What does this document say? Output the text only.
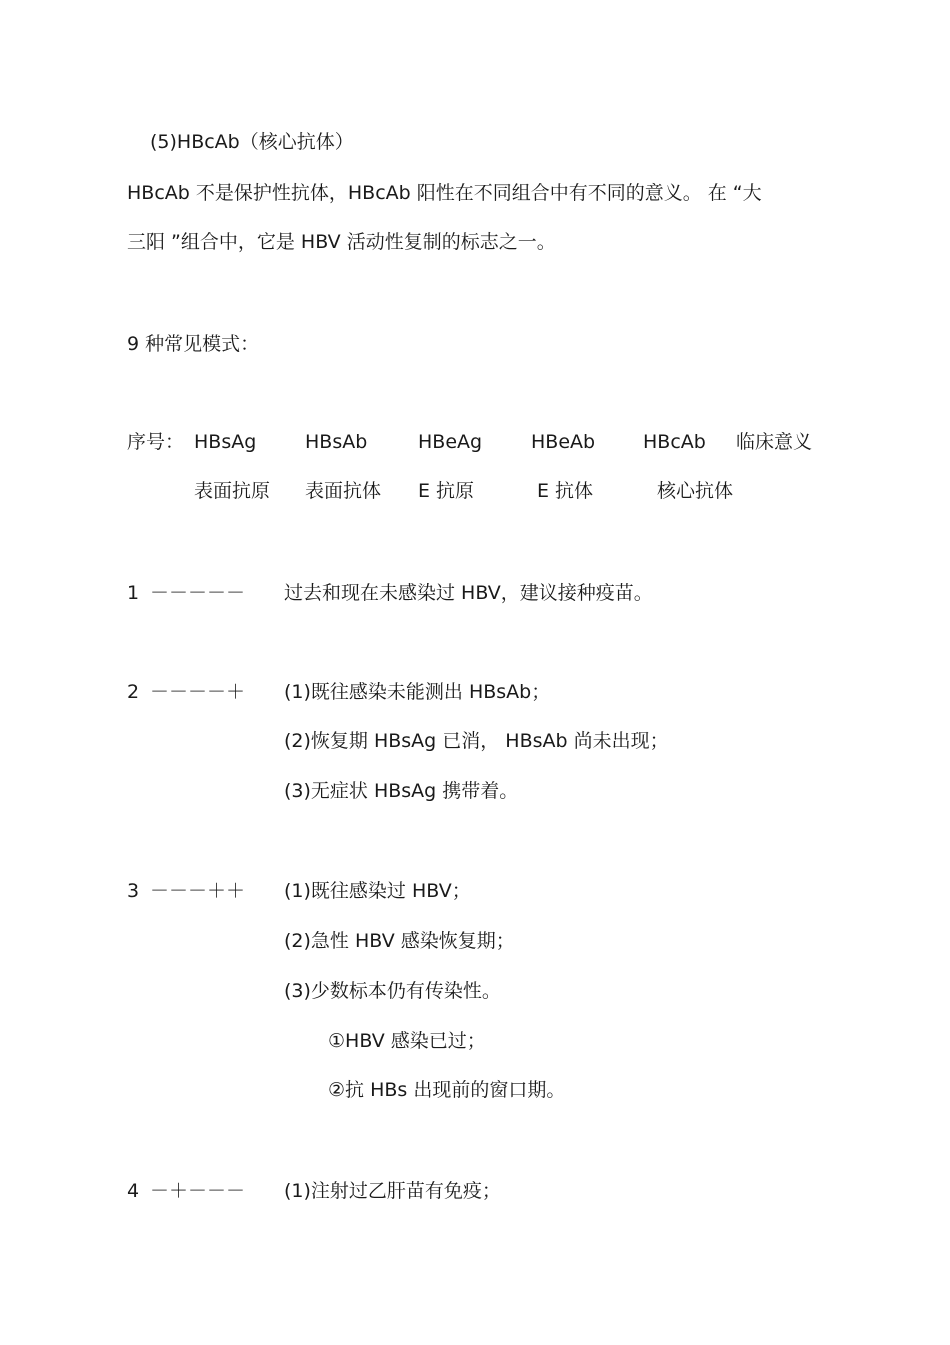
(5)HBcAb（核心抗体）
HBcAb 不是保护性抗体，HBcAb 阳性在不同组合中有不同的意义。 在 “大
三阳 ”组合中，它是 HBV 活动性复制的标志之一。
9 种常见模式：
序号： HBsAg	HBsAb	HBeAg	HBeAb	HBcAb 临床意义
表面抗原 表面抗体 E 抗原	E 抗体	核心抗体
1 －－－－－ 过去和现在未感染过 HBV，建议接种疫苗。
2 －－－－＋ (1)既往感染未能测出 HBsAb；
(2)恢复期 HBsAg 已消， HBsAb 尚未出现；
(3)无症状 HBsAg 携带着。
3 －－－＋＋ (1)既往感染过 HBV；
(2)急性 HBV 感染恢复期；
(3)少数标本仍有传染性。
①HBV 感染已过；
②抗 HBs 出现前的窗口期。
4 －＋－－－ (1)注射过乙肝苗有免疫；
